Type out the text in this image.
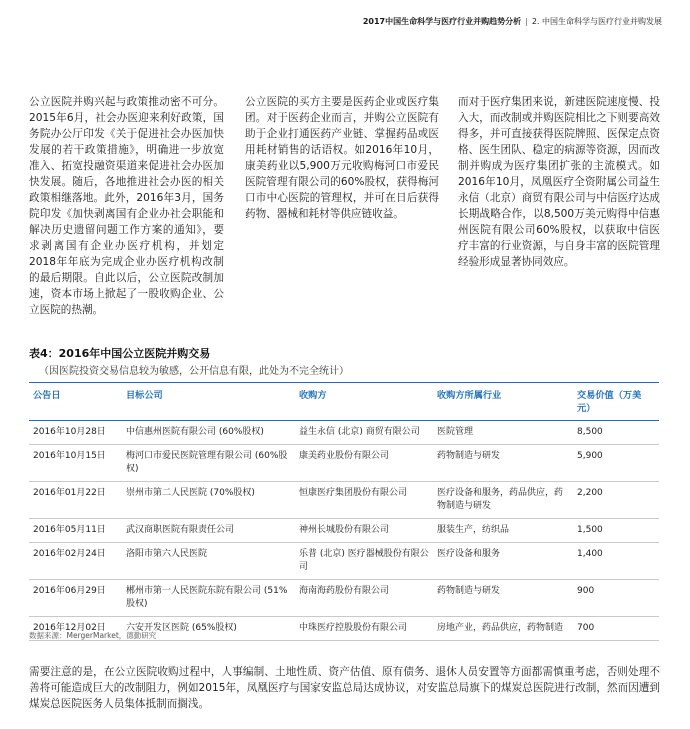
2017中国生命科学与医疗行业并购趋势分析 | 2. 中国生命科学与医疗行业并购发展
公立医院并购兴起与政策推动密不可分。2015年6月，社会办医迎来利好政策，国务院办公厅印发《关于促进社会办医加快发展的若干政策措施》，明确进一步放宽准入、拓宽投融资渠道来促进社会办医加快发展。随后，各地推进社会办医的相关政策相继落地。此外，2016年3月，国务院印发《加快剥离国有企业办社会职能和解决历史遗留问题工作方案的通知》，要求剥离国有企业办医疗机构，并划定2018年年底为完成企业办医疗机构改制的最后期限。自此以后，公立医院改制加速，资本市场上掀起了一股收购企业、公立医院的热潮。
公立医院的买方主要是医药企业或医疗集团。对于医药企业而言，并购公立医院有助于企业打通医药产业链、掌握药品或医用耗材销售的话语权。如2016年10月，康美药业以5,900万元收购梅河口市爱民医院管理有限公司的60%股权，获得梅河口市中心医院的管理权，并可在日后获得药物、器械和耗材等供应链收益。
而对于医疗集团来说，新建医院速度慢、投入大，而改制或并购医院相比之下则要高效得多，并可直接获得医院牌照、医保定点资格、医生团队、稳定的病源等资源，因而改制并购成为医疗集团扩张的主流模式。如2016年10月，凤凰医疗全资附属公司益生永信（北京）商贸有限公司与中信医疗达成长期战略合作，以8,500万美元购得中信惠州医院有限公司60%股权，以获取中信医疗丰富的行业资源，与自身丰富的医院管理经验形成显著协同效应。
表4：2016年中国公立医院并购交易
（因医院投资交易信息较为敏感，公开信息有限，此处为不完全统计）
公告日	目标公司	收购方	收购方所属行业	交易价值（万美元）
2016年10月28日	中信惠州医院有限公司 (60%股权)	益生永信 (北京) 商贸有限公司	医院管理	8,500
2016年10月15日	梅河口市爱民医院管理有限公司 (60%股权)	康美药业股份有限公司	药物制造与研发	5,900
2016年01月22日	崇州市第二人民医院 (70%股权)	恒康医疗集团股份有限公司	医疗设备和服务，药品供应，药物制造与研发	2,200
2016年05月11日	武汉商职医院有限责任公司	神州长城股份有限公司	服装生产，纺织品	1,500
2016年02月24日	洛阳市第六人民医院	乐普 (北京) 医疗器械股份有限公司	医疗设备和服务	1,400
2016年06月29日	郴州市第一人民医院东院有限公司 (51%股权)	海南海药股份有限公司	药物制造与研发	900
2016年12月02日	六安开发区医院 (65%股权)	中珠医疗控股股份有限公司	房地产业，药品供应，药物制造	700
数据来源：MergerMarket，德勤研究
需要注意的是，在公立医院收购过程中，人事编制、土地性质、资产估值、原有债务、退休人员安置等方面都需慎重考虑，否则处理不善将可能造成巨大的改制阻力，例如2015年，凤凰医疗与国家安监总局达成协议，对安监总局旗下的煤炭总医院进行改制，然而因遭到煤炭总医院医务人员集体抵制而搁浅。
